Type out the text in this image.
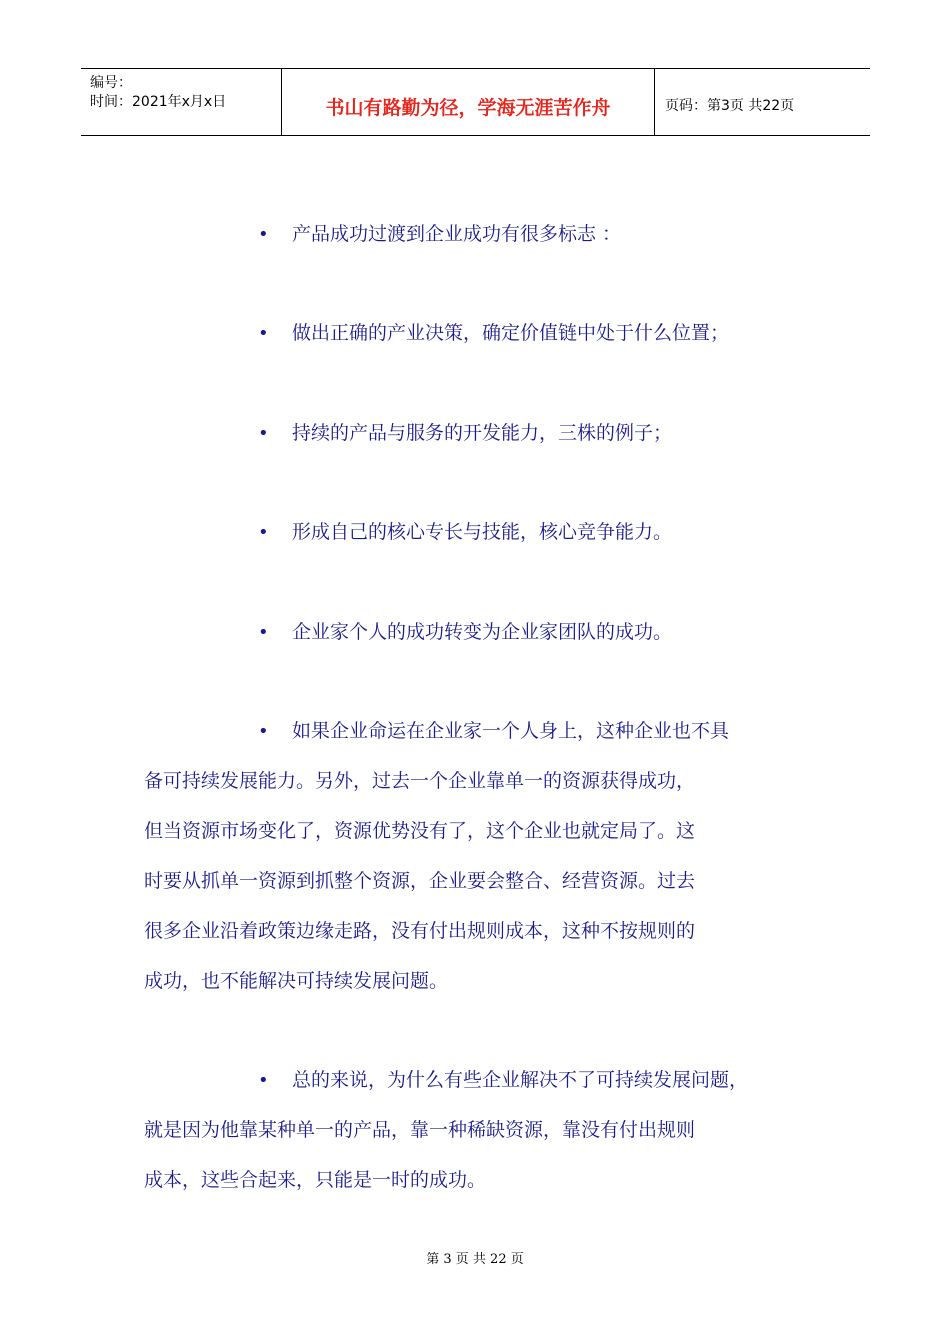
编号：
时间：2021年x月x日	书山有路勤为径，学海无涯苦作舟	页码：第3页 共22页
• 产品成功过渡到企业成功有很多标志 ：
• 做出正确的产业决策，确定价值链中处于什么位置；
• 持续的产品与服务的开发能力，三株的例子；
• 形成自己的核心专长与技能，核心竞争能力。
• 企业家个人的成功转变为企业家团队的成功。
• 如果企业命运在企业家一个人身上，这种企业也不具
备可持续发展能力。另外，过去一个企业靠单一的资源获得成功，
但当资源市场变化了，资源优势没有了，这个企业也就定局了。这
时要从抓单一资源到抓整个资源，企业要会整合、经营资源。过去
很多企业沿着政策边缘走路，没有付出规则成本，这种不按规则的
成功，也不能解决可持续发展问题。
• 总的来说，为什么有些企业解决不了可持续发展问题，
就是因为他靠某种单一的产品，靠一种稀缺资源，靠没有付出规则
成本，这些合起来，只能是一时的成功。
第 3 页 共 22 页
